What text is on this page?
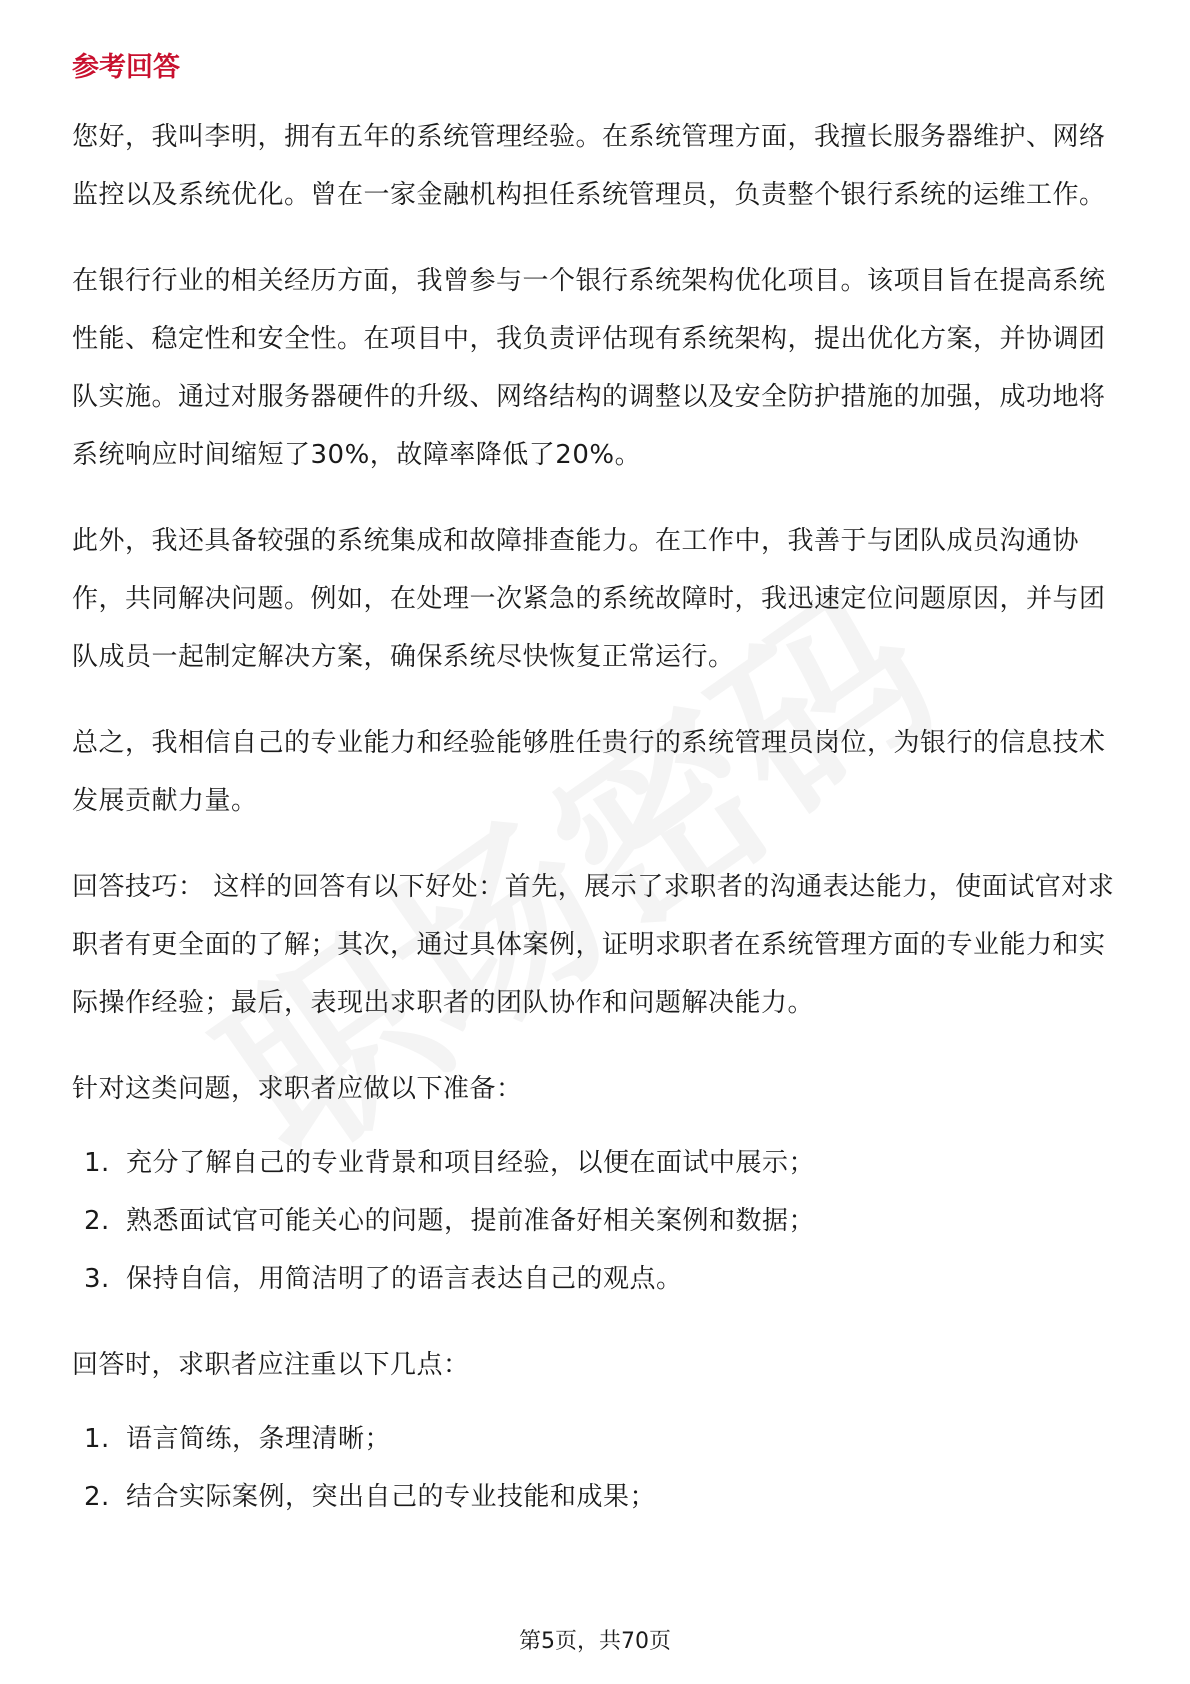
参考回答

您好，我叫李明，拥有五年的系统管理经验。在系统管理方面，我擅长服务器维护、网络监控以及系统优化。曾在一家金融机构担任系统管理员，负责整个银行系统的运维工作。

在银行行业的相关经历方面，我曾参与一个银行系统架构优化项目。该项目旨在提高系统性能、稳定性和安全性。在项目中，我负责评估现有系统架构，提出优化方案，并协调团队实施。通过对服务器硬件的升级、网络结构的调整以及安全防护措施的加强，成功地将系统响应时间缩短了30%，故障率降低了20%。

此外，我还具备较强的系统集成和故障排查能力。在工作中，我善于与团队成员沟通协作，共同解决问题。例如，在处理一次紧急的系统故障时，我迅速定位问题原因，并与团队成员一起制定解决方案，确保系统尽快恢复正常运行。

总之，我相信自己的专业能力和经验能够胜任贵行的系统管理员岗位，为银行的信息技术发展贡献力量。

回答技巧： 这样的回答有以下好处：首先，展示了求职者的沟通表达能力，使面试官对求职者有更全面的了解；其次，通过具体案例，证明求职者在系统管理方面的专业能力和实际操作经验；最后，表现出求职者的团队协作和问题解决能力。

针对这类问题，求职者应做以下准备：

1. 充分了解自己的专业背景和项目经验，以便在面试中展示；
2. 熟悉面试官可能关心的问题，提前准备好相关案例和数据；
3. 保持自信，用简洁明了的语言表达自己的观点。

回答时，求职者应注重以下几点：

1. 语言简练，条理清晰；
2. 结合实际案例，突出自己的专业技能和成果；
第5页，共70页
